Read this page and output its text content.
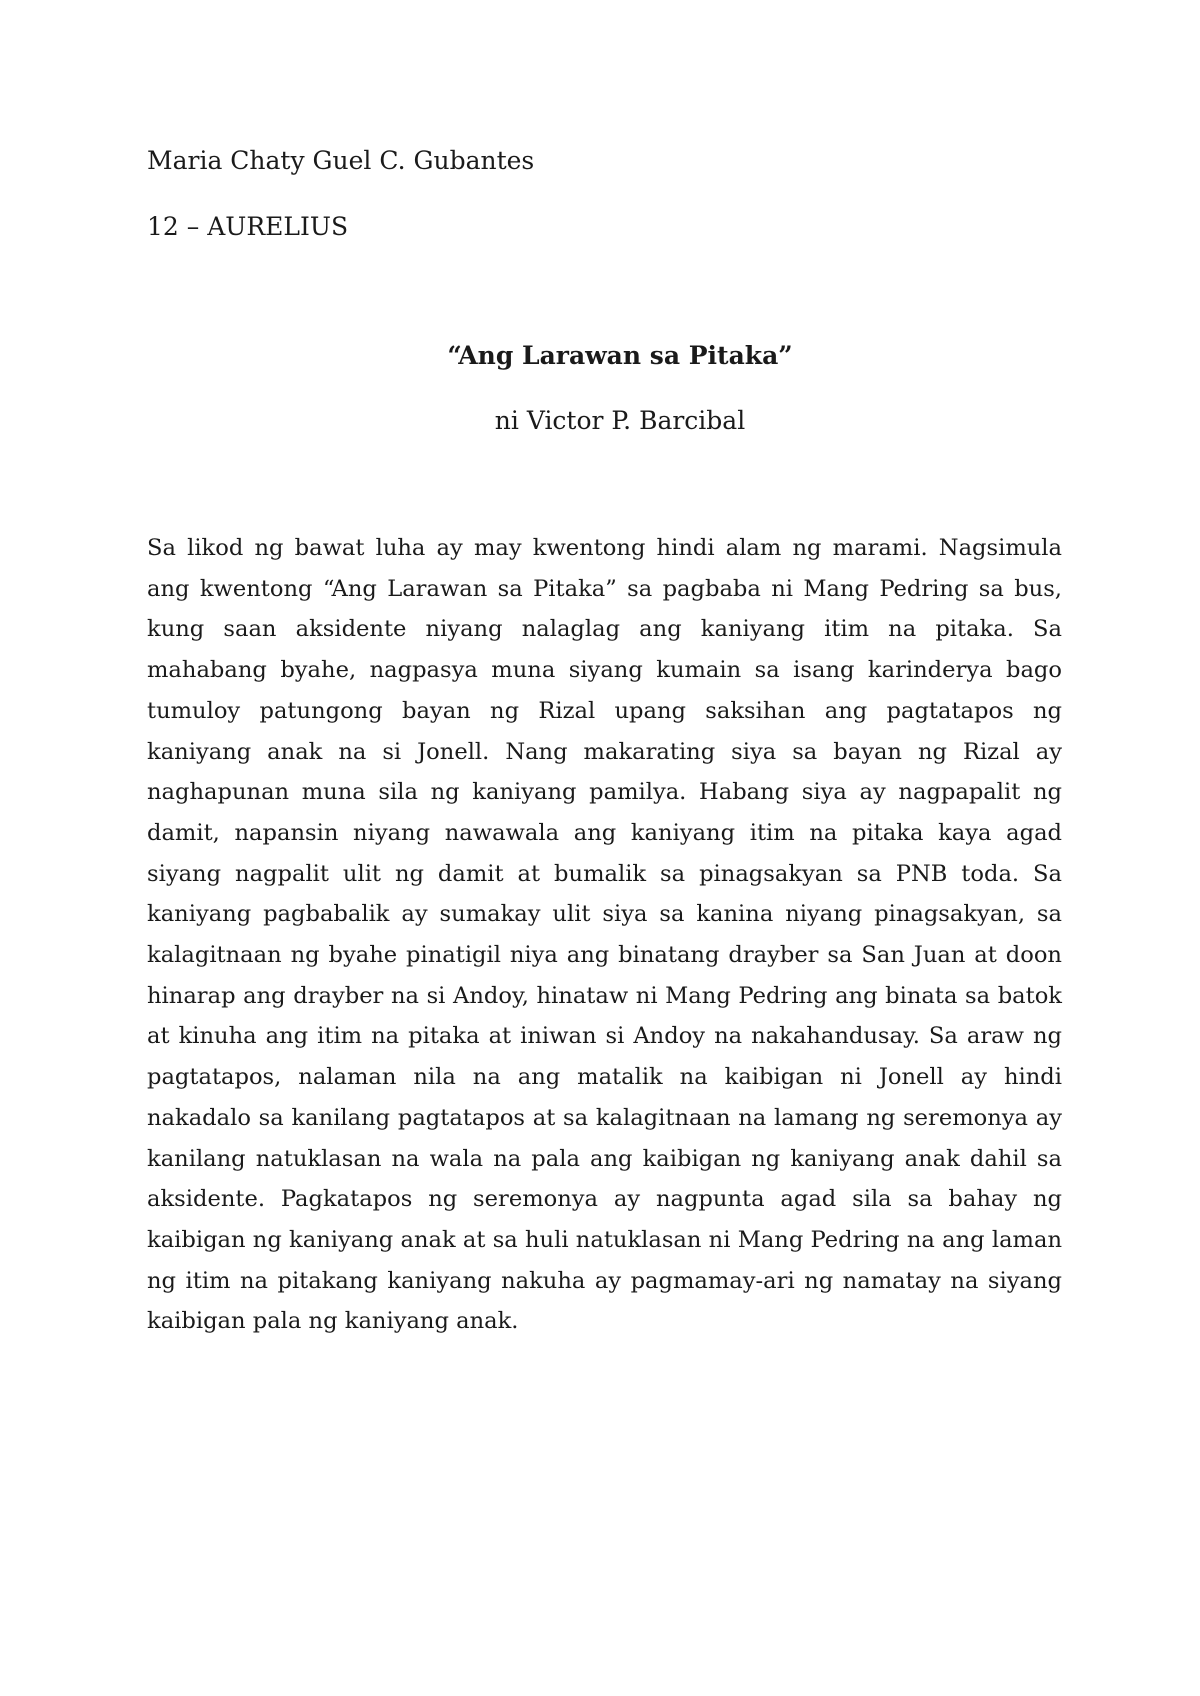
Maria Chaty Guel C. Gubantes
12 – AURELIUS
“Ang Larawan sa Pitaka”
ni Victor P. Barcibal

Sa likod ng bawat luha ay may kwentong hindi alam ng marami. Nagsimula ang kwentong “Ang Larawan sa Pitaka” sa pagbaba ni Mang Pedring sa bus, kung saan aksidente niyang nalaglag ang kaniyang itim na pitaka. Sa mahabang byahe, nagpasya muna siyang kumain sa isang karinderya bago tumuloy patungong bayan ng Rizal upang saksihan ang pagtatapos ng kaniyang anak na si Jonell. Nang makarating siya sa bayan ng Rizal ay naghapunan muna sila ng kaniyang pamilya. Habang siya ay nagpapalit ng damit, napansin niyang nawawala ang kaniyang itim na pitaka kaya agad siyang nagpalit ulit ng damit at bumalik sa pinagsakyan sa PNB toda. Sa kaniyang pagbabalik ay sumakay ulit siya sa kanina niyang pinagsakyan, sa kalagitnaan ng byahe pinatigil niya ang binatang drayber sa San Juan at doon hinarap ang drayber na si Andoy, hinataw ni Mang Pedring ang binata sa batok at kinuha ang itim na pitaka at iniwan si Andoy na nakahandusay. Sa araw ng pagtatapos, nalaman nila na ang matalik na kaibigan ni Jonell ay hindi nakadalo sa kanilang pagtatapos at sa kalagitnaan na lamang ng seremonya ay kanilang natuklasan na wala na pala ang kaibigan ng kaniyang anak dahil sa aksidente. Pagkatapos ng seremonya ay nagpunta agad sila sa bahay ng kaibigan ng kaniyang anak at sa huli natuklasan ni Mang Pedring na ang laman ng itim na pitakang kaniyang nakuha ay pagmamay-ari ng namatay na siyang kaibigan pala ng kaniyang anak.
